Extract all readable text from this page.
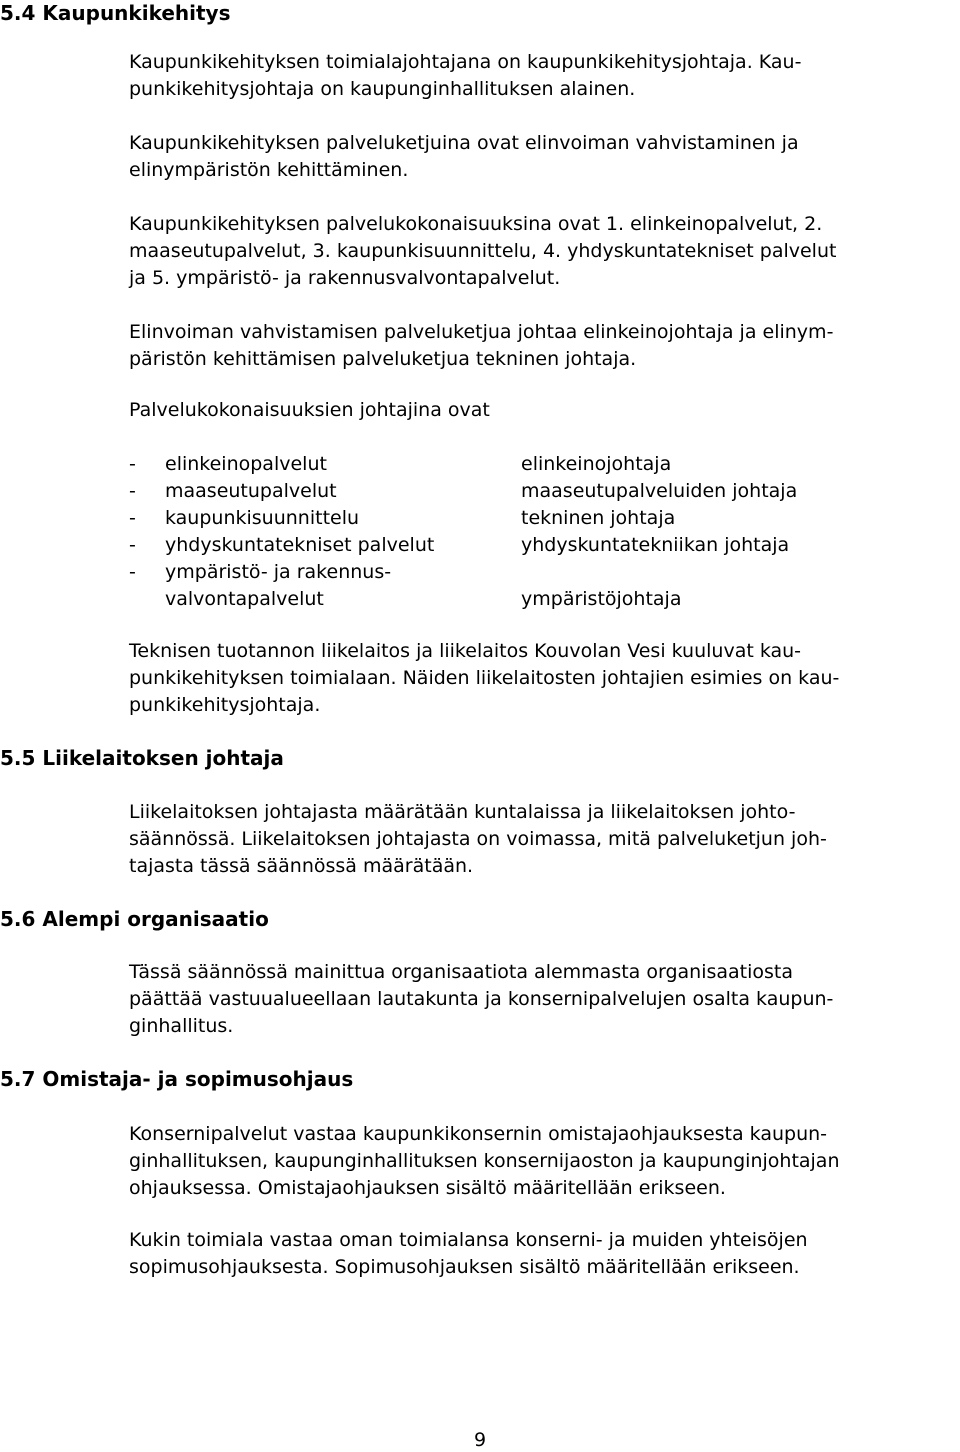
5.4 Kaupunkikehitys

Kaupunkikehityksen toimialajohtajana on kaupunkikehitysjohtaja. Kau-
punkikehitysjohtaja on kaupunginhallituksen alainen.

Kaupunkikehityksen palveluketjuina ovat elinvoiman vahvistaminen ja
elinympäristön kehittäminen.

Kaupunkikehityksen palvelukokonaisuuksina ovat 1. elinkeinopalvelut, 2.
maaseutupalvelut, 3. kaupunkisuunnittelu, 4. yhdyskuntatekniset palvelut
ja 5. ympäristö- ja rakennusvalvontapalvelut.

Elinvoiman vahvistamisen palveluketjua johtaa elinkeinojohtaja ja elinym-
päristön kehittämisen palveluketjua tekninen johtaja.

Palvelukokonaisuuksien johtajina ovat

-	elinkeinopalvelut	elinkeinojohtaja
-	maaseutupalvelut	maaseutupalveluiden johtaja
-	kaupunkisuunnittelu	tekninen johtaja
-	yhdyskuntatekniset palvelut	yhdyskuntatekniikan johtaja
-	ympäristö- ja rakennus-
valvontapalvelut	ympäristöjohtaja

Teknisen tuotannon liikelaitos ja liikelaitos Kouvolan Vesi kuuluvat kau-
punkikehityksen toimialaan. Näiden liikelaitosten johtajien esimies on kau-
punkikehitysjohtaja.

5.5 Liikelaitoksen johtaja

Liikelaitoksen johtajasta määrätään kuntalaissa ja liikelaitoksen johto-
säännössä. Liikelaitoksen johtajasta on voimassa, mitä palveluketjun joh-
tajasta tässä säännössä määrätään.

5.6 Alempi organisaatio

Tässä säännössä mainittua organisaatiota alemmasta organisaatiosta
päättää vastuualueellaan lautakunta ja konsernipalvelujen osalta kaupun-
ginhallitus.

5.7 Omistaja- ja sopimusohjaus

Konsernipalvelut vastaa kaupunkikonsernin omistajaohjauksesta kaupun-
ginhallituksen, kaupunginhallituksen konsernijaoston ja kaupunginjohtajan
ohjauksessa. Omistajaohjauksen sisältö määritellään erikseen.

Kukin toimiala vastaa oman toimialansa konserni- ja muiden yhteisöjen
sopimusohjauksesta. Sopimusohjauksen sisältö määritellään erikseen.

9
